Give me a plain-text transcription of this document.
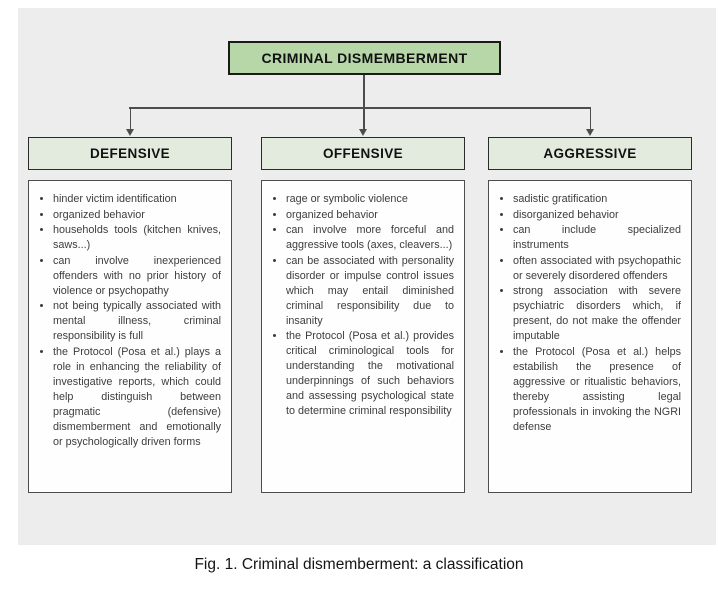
CRIMINAL DISMEMBERMENT
DEFENSIVE
• hinder victim identification
• organized behavior
• households tools (kitchen knives, saws...)
• can involve inexperienced offenders with no prior history of violence or psychopathy
• not being typically associated with mental illness, criminal responsibility is full
• the Protocol (Posa et al.) plays a role in enhancing the reliability of investigative reports, which could help distinguish between pragmatic (defensive) dismemberment and emotionally or psychologically driven forms
OFFENSIVE
• rage or symbolic violence
• organized behavior
• can involve more forceful and aggressive tools (axes, cleavers...)
• can be associated with personality disorder or impulse control issues which may entail diminished criminal responsibility due to insanity
• the Protocol (Posa et al.) provides critical criminological tools for understanding the motivational underpinnings of such behaviors and assessing psychological state to determine criminal responsibility
AGGRESSIVE
• sadistic gratification
• disorganized behavior
• can include specialized instruments
• often associated with psychopathic or severely disordered offenders
• strong association with severe psychiatric disorders which, if present, do not make the offender imputable
• the Protocol (Posa et al.) helps estabilish the presence of aggressive or ritualistic behaviors, thereby assisting legal professionals in invoking the NGRI defense
Fig. 1. Criminal dismemberment: a classification
